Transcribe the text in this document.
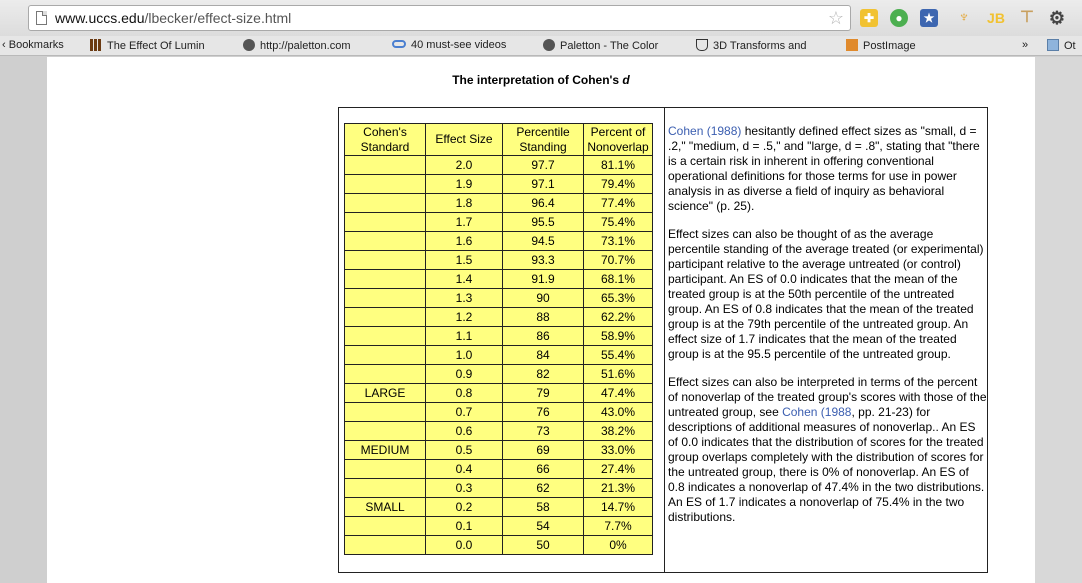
www.uccs.edu/lbecker/effect-size.html	☆	✚	●	★ ♆ JB ⊤ ⚙
‹ Bookmarks	The Effect Of Lumin	http://paletton.com	40 must-see videos	Paletton - The Color	3D Transforms and	PostImage	»	Ot
The interpretation of Cohen's d
Cohen's Standard	Effect Size	Percentile Standing	Percent of Nonoverlap
	2.0	97.7	81.1%
	1.9	97.1	79.4%
	1.8	96.4	77.4%
	1.7	95.5	75.4%
	1.6	94.5	73.1%
	1.5	93.3	70.7%
	1.4	91.9	68.1%
	1.3	90	65.3%
	1.2	88	62.2%
	1.1	86	58.9%
	1.0	84	55.4%
	0.9	82	51.6%
LARGE	0.8	79	47.4%
	0.7	76	43.0%
	0.6	73	38.2%
MEDIUM	0.5	69	33.0%
	0.4	66	27.4%
	0.3	62	21.3%
SMALL	0.2	58	14.7%
	0.1	54	7.7%
	0.0	50	0%

Cohen (1988) hesitantly defined effect sizes as "small, d = .2," "medium, d = .5," and "large, d = .8", stating that "there is a certain risk in inherent in offering conventional operational definitions for those terms for use in power analysis in as diverse a field of inquiry as behavioral science" (p. 25).

Effect sizes can also be thought of as the average percentile standing of the average treated (or experimental) participant relative to the average untreated (or control) participant. An ES of 0.0 indicates that the mean of the treated group is at the 50th percentile of the untreated group. An ES of 0.8 indicates that the mean of the treated group is at the 79th percentile of the untreated group. An effect size of 1.7 indicates that the mean of the treated group is at the 95.5 percentile of the untreated group.

Effect sizes can also be interpreted in terms of the percent of nonoverlap of the treated group's scores with those of the untreated group, see Cohen (1988, pp. 21-23) for descriptions of additional measures of nonoverlap.. An ES of 0.0 indicates that the distribution of scores for the treated group overlaps completely with the distribution of scores for the untreated group, there is 0% of nonoverlap. An ES of 0.8 indicates a nonoverlap of 47.4% in the two distributions. An ES of 1.7 indicates a nonoverlap of 75.4% in the two distributions.
